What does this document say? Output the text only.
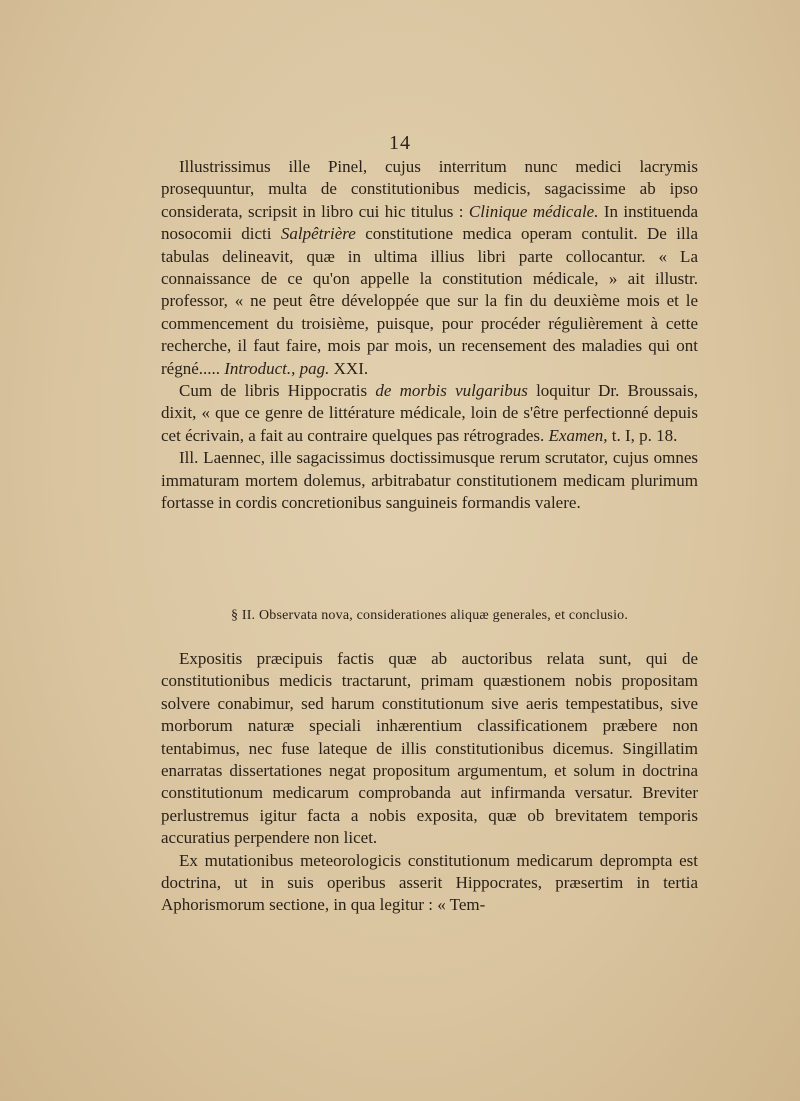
14

Illustrissimus ille Pinel, cujus interritum nunc medici lacrymis prosequuntur, multa de constitutionibus medicis, sagacissime ab ipso considerata, scripsit in libro cui hic titulus : Clinique médicale. In instituenda nosocomii dicti Salpêtrière constitutione medica operam contulit. De illa tabulas delineavit, quæ in ultima illius libri parte collocantur. « La connaissance de ce qu'on appelle la constitution médicale, » ait illustr. professor, « ne peut être développée que sur la fin du deuxième mois et le commencement du troisième, puisque, pour procéder régulièrement à cette recherche, il faut faire, mois par mois, un recensement des maladies qui ont régné..... Introduct., pag. XXI.

Cum de libris Hippocratis de morbis vulgaribus loquitur Dr. Broussais, dixit, « que ce genre de littérature médicale, loin de s'être perfectionné depuis cet écrivain, a fait au contraire quelques pas rétrogrades. Examen, t. I, p. 18.

Ill. Laennec, ille sagacissimus doctissimusque rerum scrutator, cujus omnes immaturam mortem dolemus, arbitrabatur constitutionem medicam plurimum fortasse in cordis concretionibus sanguineis formandis valere.

§ II. Observata nova, considerationes aliquæ generales, et conclusio.

Expositis præcipuis factis quæ ab auctoribus relata sunt, qui de constitutionibus medicis tractarunt, primam quæstionem nobis propositam solvere conabimur, sed harum constitutionum sive aeris tempestatibus, sive morborum naturæ speciali inhærentium classificationem præbere non tentabimus, nec fuse lateque de illis constitutionibus dicemus. Singillatim enarratas dissertationes negat propositum argumentum, et solum in doctrina constitutionum medicarum comprobanda aut infirmanda versatur. Breviter perlustremus igitur facta a nobis exposita, quæ ob brevitatem temporis accuratius perpendere non licet.

Ex mutationibus meteorologicis constitutionum medicarum deprompta est doctrina, ut in suis operibus asserit Hippocrates, præsertim in tertia Aphorismorum sectione, in qua legitur : « Tem-
